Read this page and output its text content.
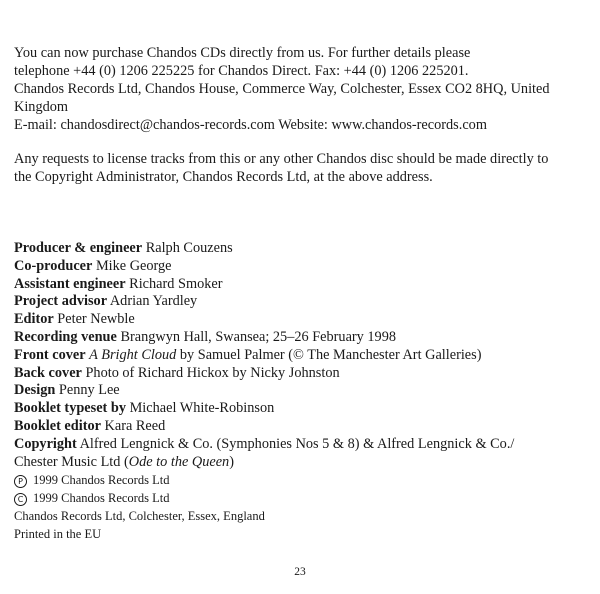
You can now purchase Chandos CDs directly from us. For further details please

telephone +44 (0) 1206 225225 for Chandos Direct. Fax: +44 (0) 1206 225201.

Chandos Records Ltd, Chandos House, Commerce Way, Colchester, Essex CO2 8HQ, United

Kingdom

E-mail: chandosdirect@chandos-records.com Website: www.chandos-records.com

Any requests to license tracks from this or any other Chandos disc should be made directly to

the Copyright Administrator, Chandos Records Ltd, at the above address.

Producer & engineer Ralph Couzens

Co-producer Mike George

Assistant engineer Richard Smoker

Project advisor Adrian Yardley

Editor Peter Newble

Recording venue Brangwyn Hall, Swansea; 25–26 February 1998

Front cover A Bright Cloud by Samuel Palmer (© The Manchester Art Galleries)

Back cover Photo of Richard Hickox by Nicky Johnston

Design Penny Lee

Booklet typeset by Michael White-Robinson

Booklet editor Kara Reed

Copyright Alfred Lengnick & Co. (Symphonies Nos 5 & 8) & Alfred Lengnick & Co./

Chester Music Ltd (Ode to the Queen)

P 1999 Chandos Records Ltd

C 1999 Chandos Records Ltd

Chandos Records Ltd, Colchester, Essex, England

Printed in the EU

23
